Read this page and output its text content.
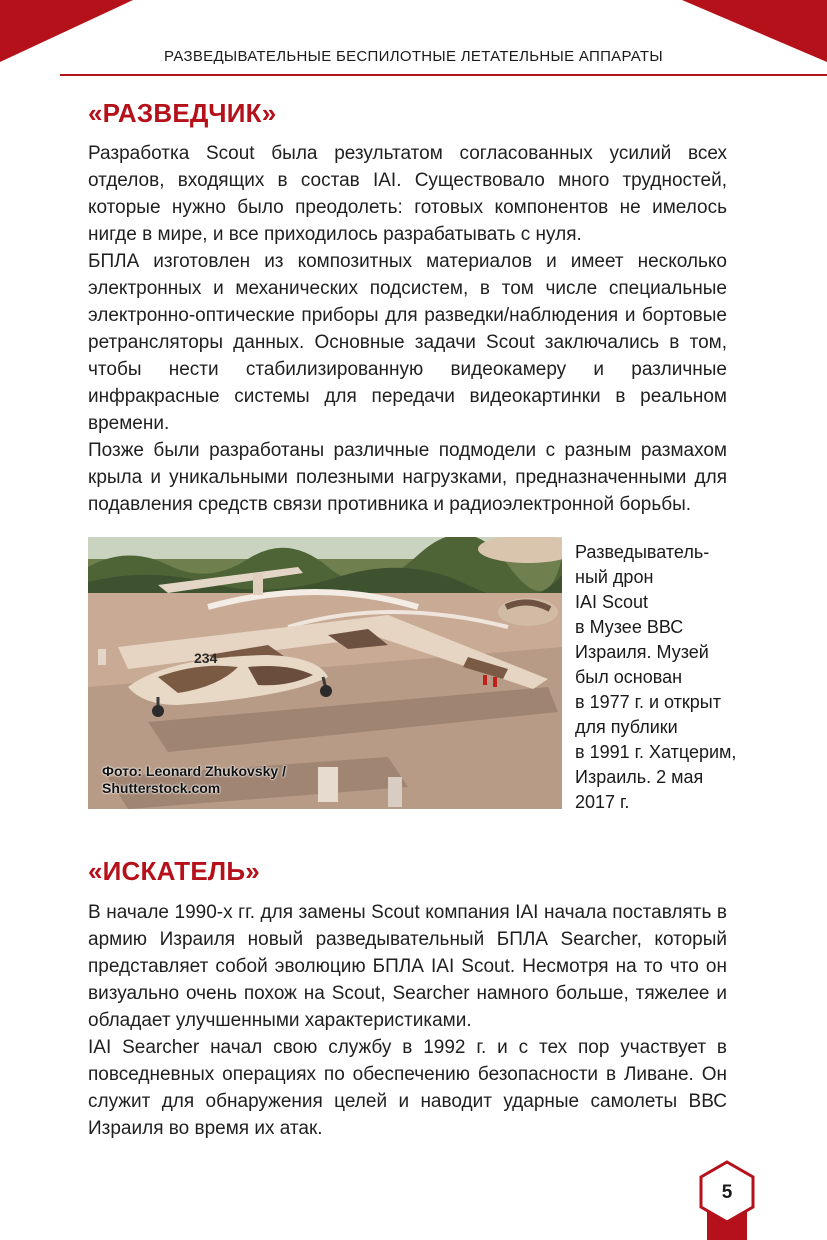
РАЗВЕДЫВАТЕЛЬНЫЕ БЕСПИЛОТНЫЕ ЛЕТАТЕЛЬНЫЕ АППАРАТЫ
«РАЗВЕДЧИК»

Разработка Scout была результатом согласованных усилий всех отделов, входящих в состав IAI. Существовало много трудностей, которые нужно было преодолеть: готовых компонентов не имелось нигде в мире, и все приходилось разрабатывать с нуля.

БПЛА изготовлен из композитных материалов и имеет несколько электронных и механических подсистем, в том числе специальные электронно-оптические приборы для разведки/наблюдения и бортовые ретрансляторы данных. Основные задачи Scout заключались в том, чтобы нести стабилизированную видеокамеру и различные инфракрасные системы для передачи видеокартинки в реальном времени.

Позже были разработаны различные подмодели с разным размахом крыла и уникальными полезными нагрузками, предназначенными для подавления средств связи противника и радиоэлектронной борьбы.

234
Фото: Leonard Zhukovsky /
Shutterstock.com
Разведыватель-
ный дрон
IAI Scout
в Музее ВВС
Израиля. Музей
был основан
в 1977 г. и открыт
для публики
в 1991 г. Хатцерим,
Израиль. 2 мая
2017 г.
«ИСКАТЕЛЬ»

В начале 1990-х гг. для замены Scout компания IAI начала поставлять в армию Израиля новый разведывательный БПЛА Searcher, который представляет собой эволюцию БПЛА IAI Scout. Несмотря на то что он визуально очень похож на Scout, Searcher намного больше, тяжелее и обладает улучшенными характеристиками.

IAI Searcher начал свою службу в 1992 г. и с тех пор участвует в повседневных операциях по обеспечению безопасности в Ливане. Он служит для обнаружения целей и наводит ударные самолеты ВВС Израиля во время их атак.

5
